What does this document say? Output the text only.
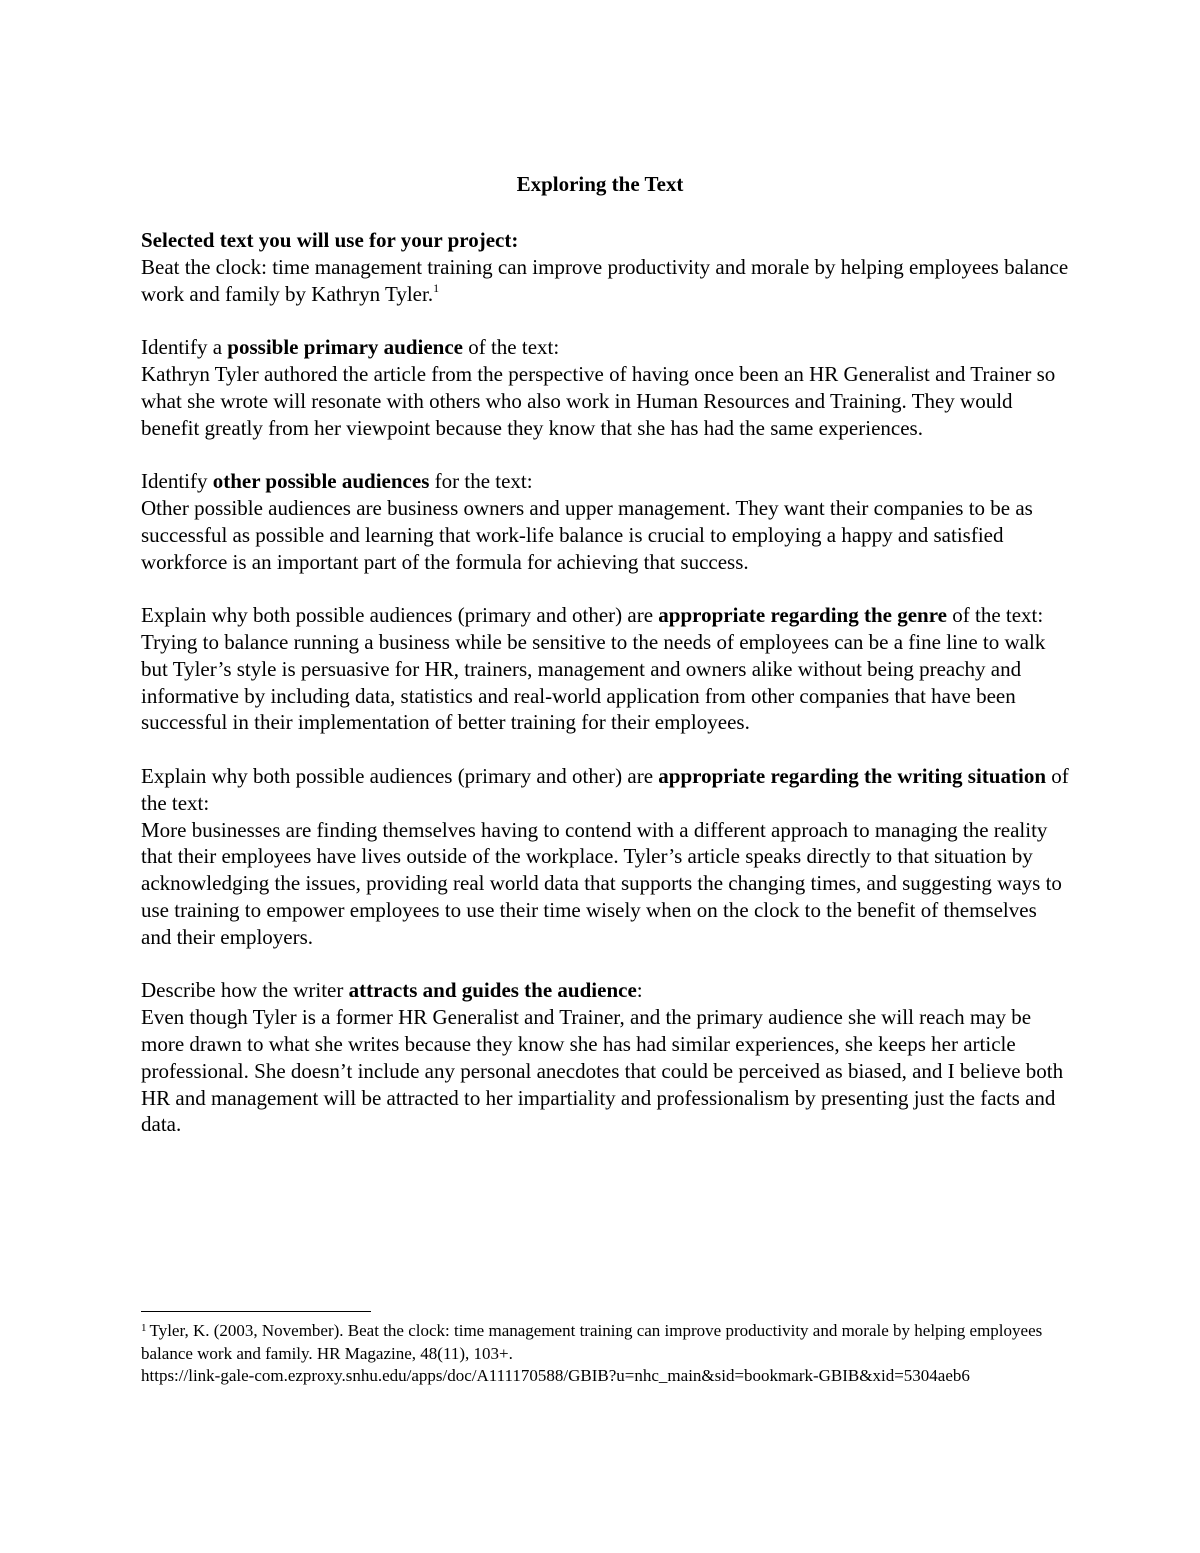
Exploring the Text

Selected text you will use for your project:
Beat the clock: time management training can improve productivity and morale by helping employees balance work and family by Kathryn Tyler.$^1$

Identify a possible primary audience of the text:
Kathryn Tyler authored the article from the perspective of having once been an HR Generalist and Trainer so what she wrote will resonate with others who also work in Human Resources and Training. They would benefit greatly from her viewpoint because they know that she has had the same experiences.

Identify other possible audiences for the text:
Other possible audiences are business owners and upper management. They want their companies to be as successful as possible and learning that work-life balance is crucial to employing a happy and satisfied workforce is an important part of the formula for achieving that success.

Explain why both possible audiences (primary and other) are appropriate regarding the genre of the text:
Trying to balance running a business while be sensitive to the needs of employees can be a fine line to walk but Tyler’s style is persuasive for HR, trainers, management and owners alike without being preachy and informative by including data, statistics and real-world application from other companies that have been successful in their implementation of better training for their employees.

Explain why both possible audiences (primary and other) are appropriate regarding the writing situation of the text:
More businesses are finding themselves having to contend with a different approach to managing the reality that their employees have lives outside of the workplace. Tyler’s article speaks directly to that situation by acknowledging the issues, providing real world data that supports the changing times, and suggesting ways to use training to empower employees to use their time wisely when on the clock to the benefit of themselves and their employers.

Describe how the writer attracts and guides the audience:
Even though Tyler is a former HR Generalist and Trainer, and the primary audience she will reach may be more drawn to what she writes because they know she has had similar experiences, she keeps her article professional. She doesn’t include any personal anecdotes that could be perceived as biased, and I believe both HR and management will be attracted to her impartiality and professionalism by presenting just the facts and data.

$^1$ Tyler, K. (2003, November). Beat the clock: time management training can improve productivity and morale by helping employees balance work and family. HR Magazine, 48(11), 103+.
https://link-gale-com.ezproxy.snhu.edu/apps/doc/A111170588/GBIB?u=nhc_main&sid=bookmark-GBIB&xid=5304aeb6
